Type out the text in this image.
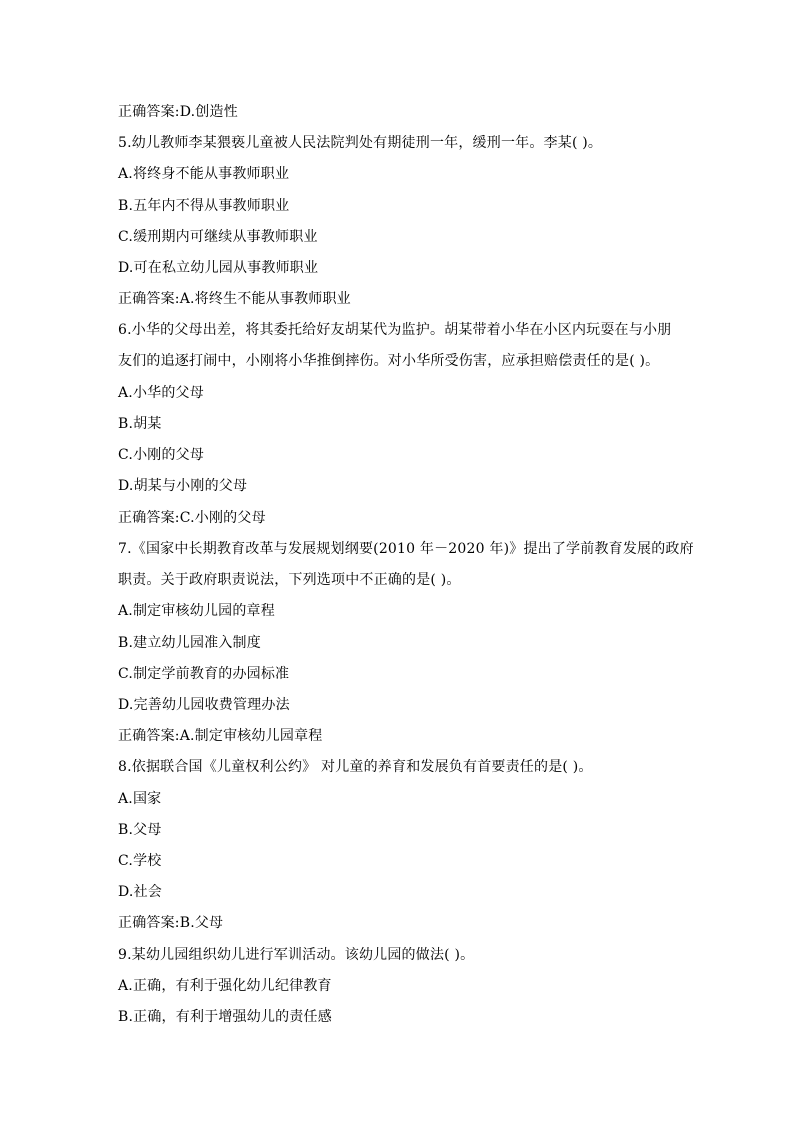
正确答案:D.创造性
5.幼儿教师李某猥亵儿童被人民法院判处有期徒刑一年，缓刑一年。李某( )。
A.将终身不能从事教师职业
B.五年内不得从事教师职业
C.缓刑期内可继续从事教师职业
D.可在私立幼儿园从事教师职业
正确答案:A.将终生不能从事教师职业
6.小华的父母出差，将其委托给好友胡某代为监护。胡某带着小华在小区内玩耍在与小朋
友们的追逐打闹中，小刚将小华推倒摔伤。对小华所受伤害，应承担赔偿责任的是( )。
A.小华的父母
B.胡某
C.小刚的父母
D.胡某与小刚的父母
正确答案:C.小刚的父母
7.《国家中长期教育改革与发展规划纲要(2010 年－2020 年)》提出了学前教育发展的政府
职责。关于政府职责说法，下列选项中不正确的是( )。
A.制定审核幼儿园的章程
B.建立幼儿园准入制度
C.制定学前教育的办园标准
D.完善幼儿园收费管理办法
正确答案:A.制定审核幼儿园章程
8.依据联合国《儿童权利公约》 对儿童的养育和发展负有首要责任的是( )。
A.国家
B.父母
C.学校
D.社会
正确答案:B.父母
9.某幼儿园组织幼儿进行军训活动。该幼儿园的做法( )。
A.正确，有利于强化幼儿纪律教育
B.正确，有利于增强幼儿的责任感
